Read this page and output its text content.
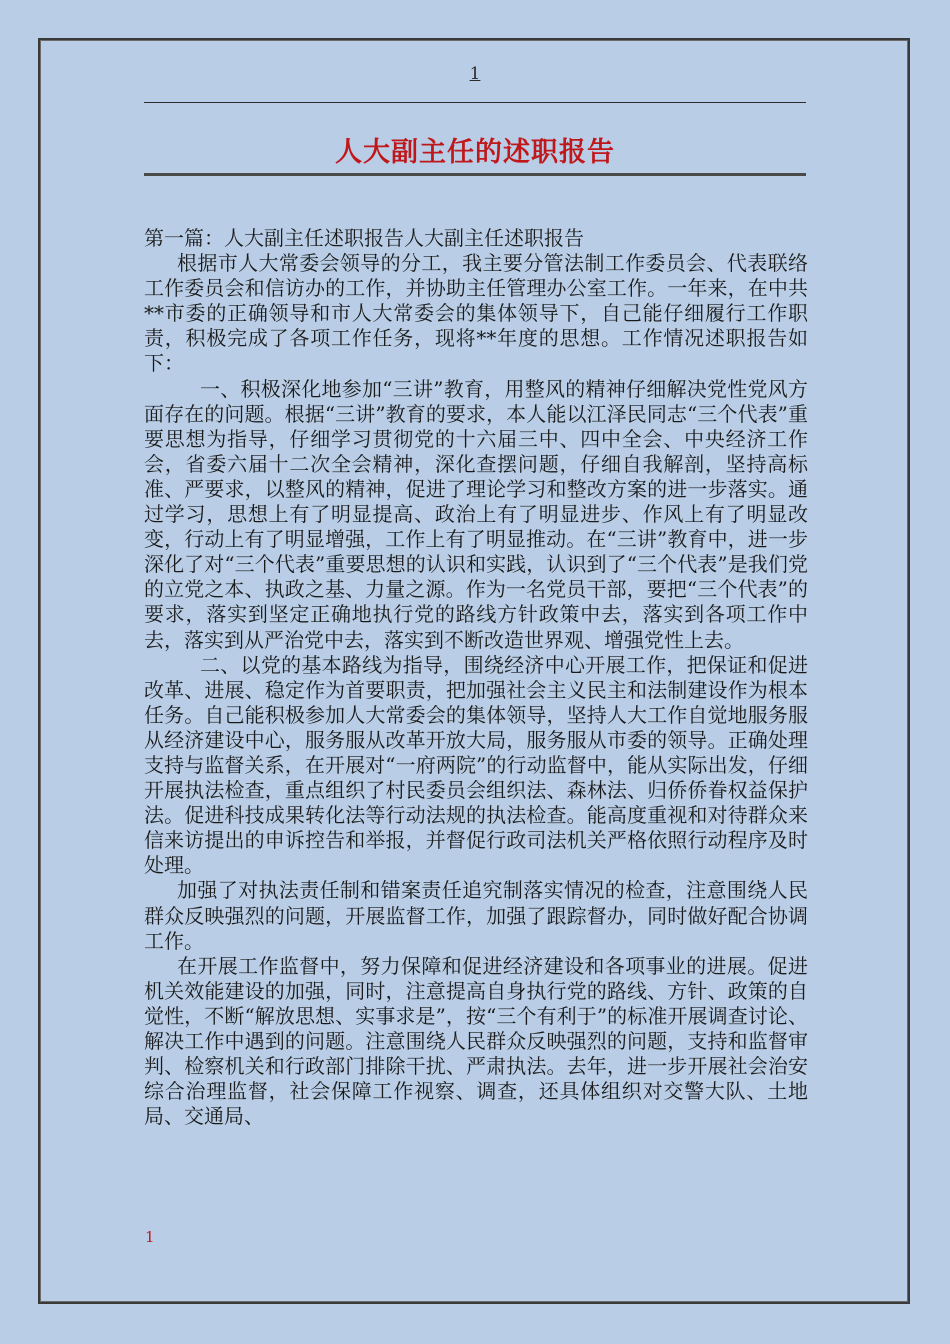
1
人大副主任的述职报告

第一篇：人大副主任述职报告人大副主任述职报告

根据市人大常委会领导的分工，我主要分管法制工作委员会、代表联络工作委员会和信访办的工作，并协助主任管理办公室工作。一年来，在中共**市委的正确领导和市人大常委会的集体领导下，自己能仔细履行工作职责，积极完成了各项工作任务，现将**年度的思想。工作情况述职报告如下：

一、积极深化地参加“三讲”教育，用整风的精神仔细解决党性党风方面存在的问题。根据“三讲”教育的要求，本人能以江泽民同志“三个代表”重要思想为指导，仔细学习贯彻党的十六届三中、四中全会、中央经济工作会，省委六届十二次全会精神，深化查摆问题，仔细自我解剖，坚持高标准、严要求，以整风的精神，促进了理论学习和整改方案的进一步落实。通过学习，思想上有了明显提高、政治上有了明显进步、作风上有了明显改变，行动上有了明显增强，工作上有了明显推动。在“三讲”教育中，进一步深化了对“三个代表”重要思想的认识和实践，认识到了“三个代表”是我们党的立党之本、执政之基、力量之源。作为一名党员干部，要把“三个代表”的要求，落实到坚定正确地执行党的路线方针政策中去，落实到各项工作中去，落实到从严治党中去，落实到不断改造世界观、增强党性上去。

二、以党的基本路线为指导，围绕经济中心开展工作，把保证和促进改革、进展、稳定作为首要职责，把加强社会主义民主和法制建设作为根本任务。自己能积极参加人大常委会的集体领导，坚持人大工作自觉地服务服从经济建设中心，服务服从改革开放大局，服务服从市委的领导。正确处理支持与监督关系，在开展对“一府两院”的行动监督中，能从实际出发，仔细开展执法检查，重点组织了村民委员会组织法、森林法、归侨侨眷权益保护法。促进科技成果转化法等行动法规的执法检查。能高度重视和对待群众来信来访提出的申诉控告和举报，并督促行政司法机关严格依照行动程序及时处理。

加强了对执法责任制和错案责任追究制落实情况的检查，注意围绕人民群众反映强烈的问题，开展监督工作，加强了跟踪督办，同时做好配合协调工作。

在开展工作监督中，努力保障和促进经济建设和各项事业的进展。促进机关效能建设的加强，同时，注意提高自身执行党的路线、方针、政策的自觉性，不断“解放思想、实事求是”，按“三个有利于”的标准开展调查讨论、解决工作中遇到的问题。注意围绕人民群众反映强烈的问题，支持和监督审判、检察机关和行政部门排除干扰、严肃执法。去年，进一步开展社会治安综合治理监督，社会保障工作视察、调查，还具体组织对交警大队、土地局、交通局、

1
